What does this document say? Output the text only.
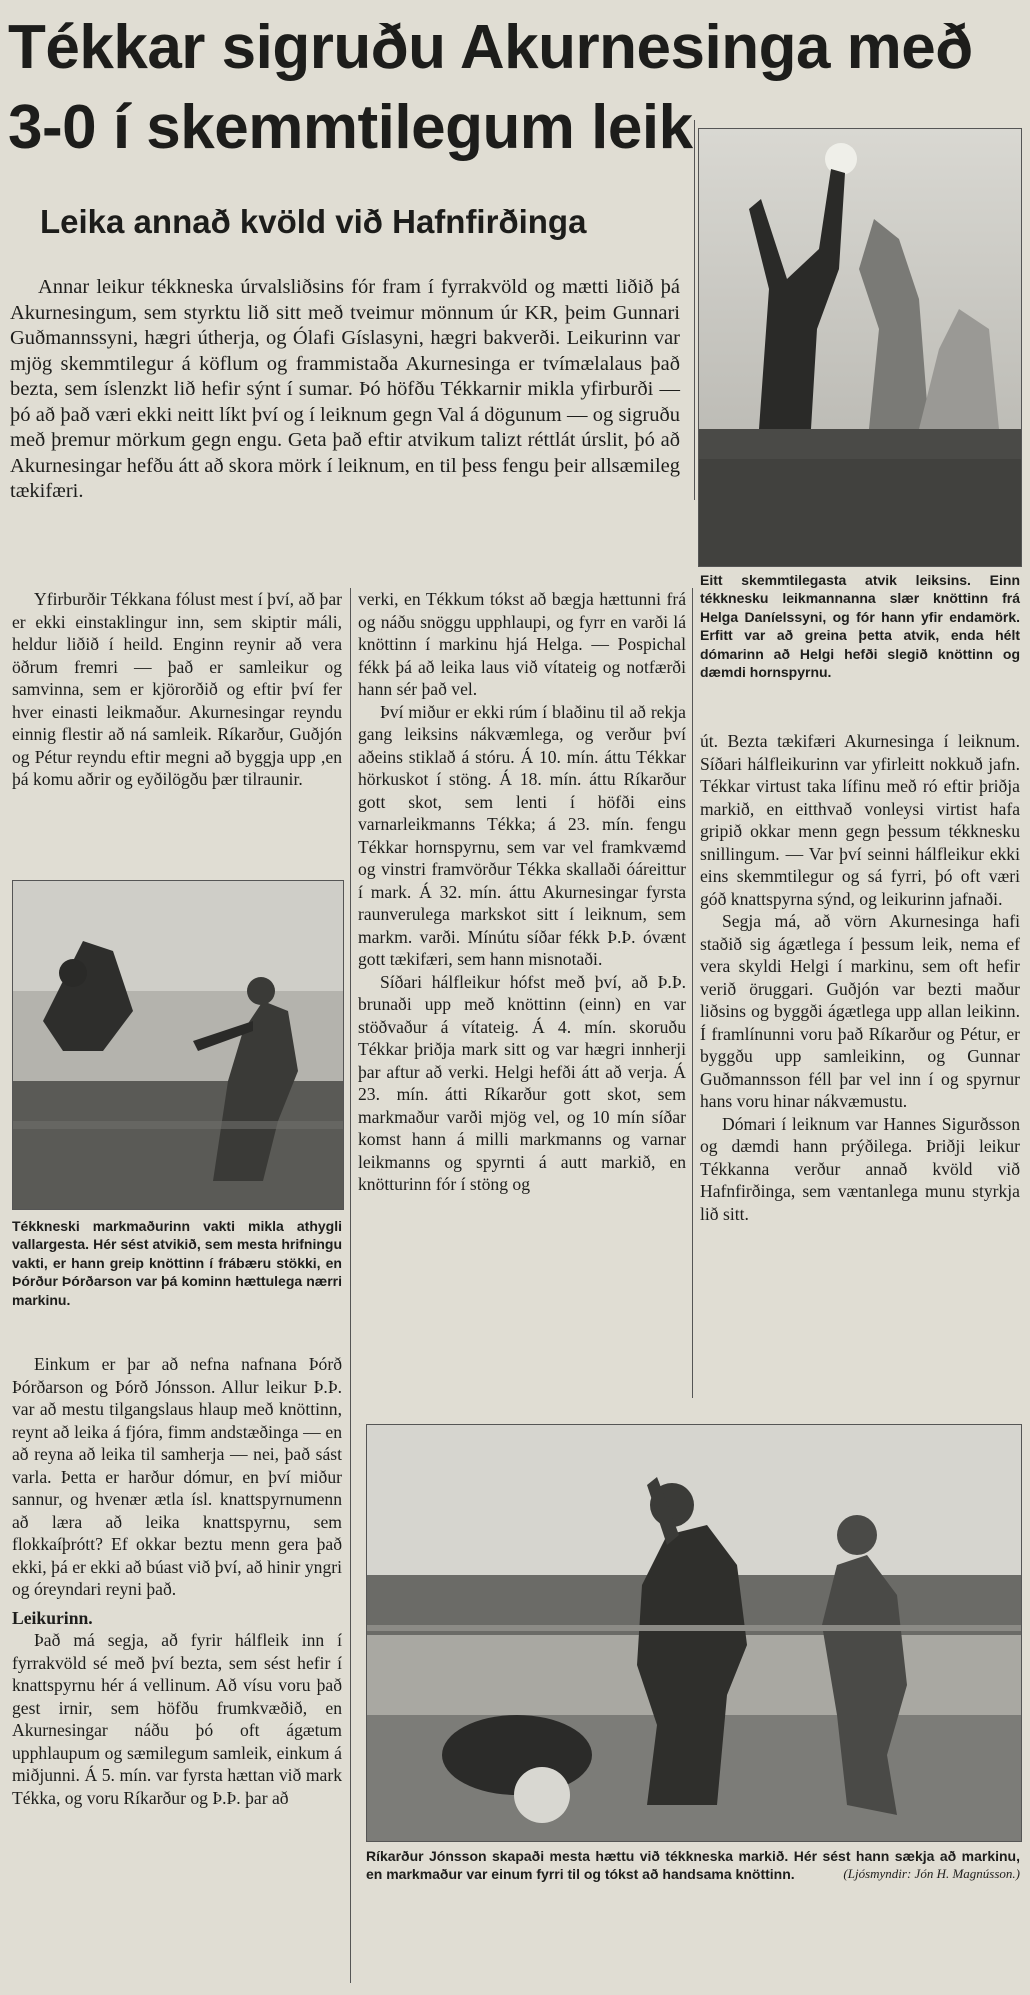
Tékkar sigruðu Akurnesinga með 3-0 í skemmtilegum leik
Leika annað kvöld við Hafnfirðinga

Annar leikur tékkneska úrvalsliðsins fór fram í fyrrakvöld og mætti liðið þá Akurnesingum, sem styrktu lið sitt með tveimur mönnum úr KR, þeim Gunnari Guðmannssyni, hægri útherja, og Ólafi Gíslasyni, hægri bakverði. Leikurinn var mjög skemmtilegur á köflum og frammistaða Akurnesinga er tvímælalaus það bezta, sem íslenzkt lið hefir sýnt í sumar. Þó höfðu Tékkarnir mikla yfirburði — þó að það væri ekki neitt líkt því og í leiknum gegn Val á dögunum — og sigruðu með þremur mörkum gegn engu. Geta það eftir atvikum talizt réttlát úrslit, þó að Akurnesingar hefðu átt að skora mörk í leiknum, en til þess fengu þeir allsæmileg tækifæri.

Eitt skemmtilegasta atvik leiksins. Einn tékknesku leikmannanna slær knöttinn frá Helga Daníelssyni, og fór hann yfir endamörk. Erfitt var að greina þetta atvik, enda hélt dómarinn að Helgi hefði slegið knöttinn og dæmdi hornspyrnu.

Yfirburðir Tékkana fólust mest í því, að þar er ekki einstaklingur inn, sem skiptir máli, heldur liðið í heild. Enginn reynir að vera öðrum fremri — það er samleikur og samvinna, sem er kjörorðið og eftir því fer hver einasti leikmaður. Akurnesingar reyndu einnig flestir að ná samleik. Ríkarður, Guðjón og Pétur reyndu eftir megni að byggja upp ,en þá komu aðrir og eyðilögðu þær tilraunir.

Tékkneski markmaðurinn vakti mikla athygli vallargesta. Hér sést atvikið, sem mesta hrifningu vakti, er hann greip knöttinn í frábæru stökki, en Þórður Þórðarson var þá kominn hættulega nærri markinu.

Einkum er þar að nefna nafnana Þórð Þórðarson og Þórð Jónsson. Allur leikur Þ.Þ. var að mestu tilgangslaus hlaup með knöttinn, reynt að leika á fjóra, fimm andstæðinga — en að reyna að leika til samherja — nei, það sást varla. Þetta er harður dómur, en því miður sannur, og hvenær ætla ísl. knattspyrnumenn að læra að leika knattspyrnu, sem flokkaíþrótt? Ef okkar beztu menn gera það ekki, þá er ekki að búast við því, að hinir yngri og óreyndari reyni það.

Leikurinn.

Það má segja, að fyrir hálfleik inn í fyrrakvöld sé með því bezta, sem sést hefir í knattspyrnu hér á vellinum. Að vísu voru það gest irnir, sem höfðu frumkvæðið, en Akurnesingar náðu þó oft ágætum upphlaupum og sæmilegum samleik, einkum á miðjunni. Á 5. mín. var fyrsta hættan við mark Tékka, og voru Ríkarður og Þ.Þ. þar að

verki, en Tékkum tókst að bægja hættunni frá og náðu snöggu upphlaupi, og fyrr en varði lá knöttinn í markinu hjá Helga. — Pospichal fékk þá að leika laus við vítateig og notfærði hann sér það vel.

Því miður er ekki rúm í blaðinu til að rekja gang leiksins nákvæmlega, og verður því aðeins stiklað á stóru. Á 10. mín. áttu Tékkar hörkuskot í stöng. Á 18. mín. áttu Ríkarður gott skot, sem lenti í höfði eins varnarleikmanns Tékka; á 23. mín. fengu Tékkar hornspyrnu, sem var vel framkvæmd og vinstri framvörður Tékka skallaði óáreittur í mark. Á 32. mín. áttu Akurnesingar fyrsta raunverulega markskot sitt í leiknum, sem markm. varði. Mínútu síðar fékk Þ.Þ. óvænt gott tækifæri, sem hann misnotaði.

Síðari hálfleikur hófst með því, að Þ.Þ. brunaði upp með knöttinn (einn) en var stöðvaður á vítateig. Á 4. mín. skoruðu Tékkar þriðja mark sitt og var hægri innherji þar aftur að verki. Helgi hefði átt að verja. Á 23. mín. átti Ríkarður gott skot, sem markmaður varði mjög vel, og 10 mín síðar komst hann á milli markmanns og varnar leikmanns og spyrnti á autt markið, en knötturinn fór í stöng og

út. Bezta tækifæri Akurnesinga í leiknum. Síðari hálfleikurinn var yfirleitt nokkuð jafn. Tékkar virtust taka lífinu með ró eftir þriðja markið, en eitthvað vonleysi virtist hafa gripið okkar menn gegn þessum tékknesku snillingum. — Var því seinni hálfleikur ekki eins skemmtilegur og sá fyrri, þó oft væri góð knattspyrna sýnd, og leikurinn jafnaði.

Segja má, að vörn Akurnesinga hafi staðið sig ágætlega í þessum leik, nema ef vera skyldi Helgi í markinu, sem oft hefir verið öruggari. Guðjón var bezti maður liðsins og byggði ágætlega upp allan leikinn. Í framlínunni voru það Ríkarður og Pétur, er byggðu upp samleikinn, og Gunnar Guðmannsson féll þar vel inn í og spyrnur hans voru hinar nákvæmustu.

Dómari í leiknum var Hannes Sigurðsson og dæmdi hann prýðilega. Þriðji leikur Tékkanna verður annað kvöld við Hafnfirðinga, sem væntanlega munu styrkja lið sitt.

Ríkarður Jónsson skapaði mesta hættu við tékkneska markið. Hér sést hann sækja að markinu, en markmaður var einum fyrri til og tókst að handsama knöttinn.	(Ljósmyndir: Jón H. Magnússon.)
